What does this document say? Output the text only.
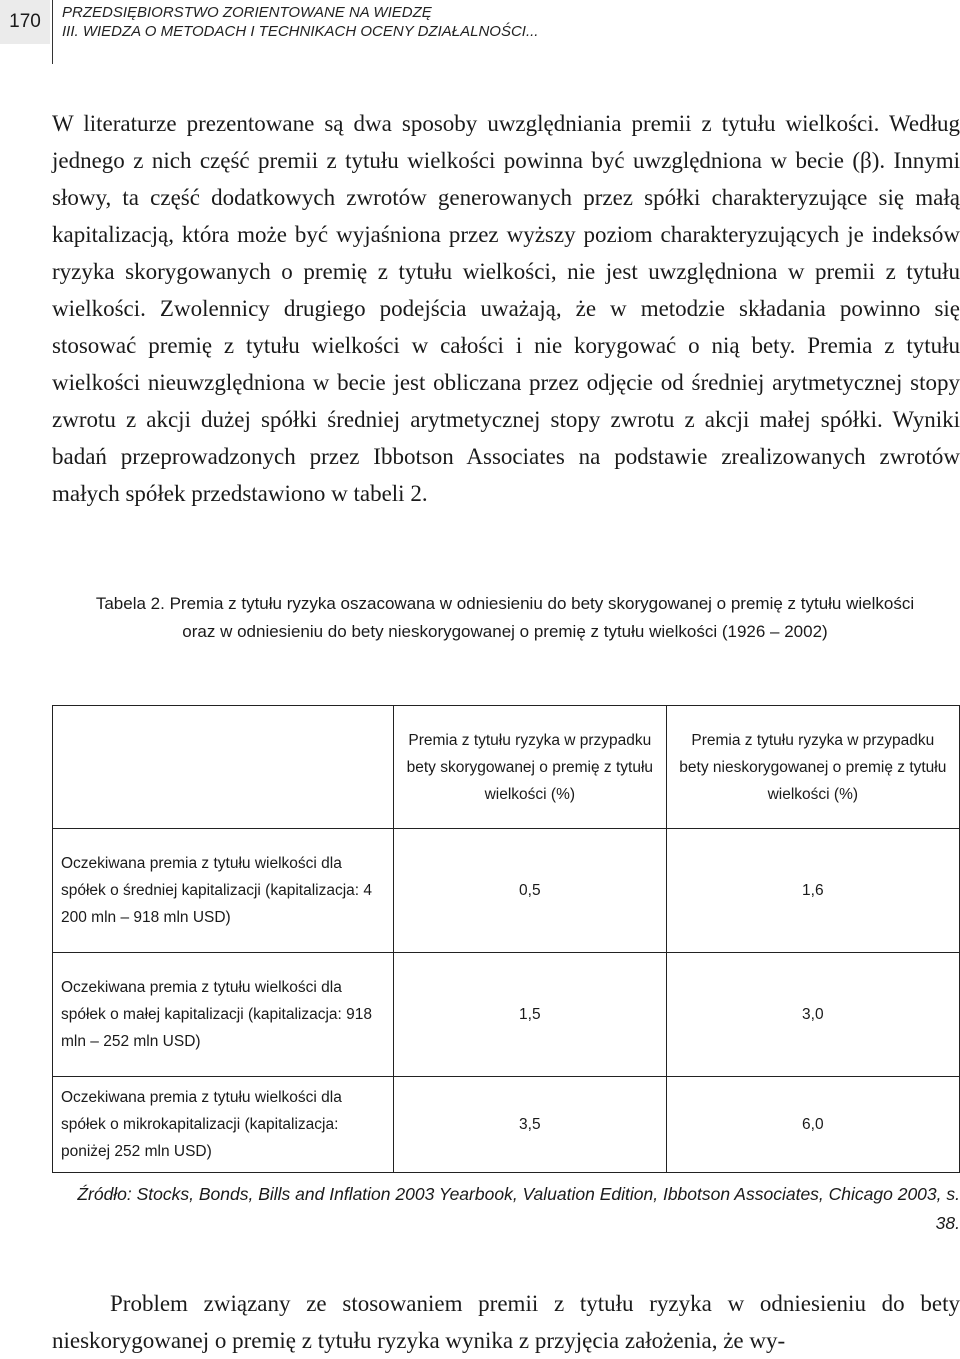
170	PRZEDSIĘBIORSTWO ZORIENTOWANE NA WIEDZĘ
III. WIEDZA O METODACH I TECHNIKACH OCENY DZIAŁALNOŚCI...

W literaturze prezentowane są dwa sposoby uwzględniania premii z tytułu wielkości. Według jednego z nich część premii z tytułu wielkości powinna być uwzględniona w becie (β). Innymi słowy, ta część dodatkowych zwrotów generowanych przez spółki charakteryzujące się małą kapitalizacją, która może być wyjaśniona przez wyższy poziom charakteryzujących je indeksów ryzyka skorygowanych o premię z tytułu wielkości, nie jest uwzględniona w premii z tytułu wielkości. Zwolennicy drugiego podejścia uważają, że w metodzie składania powinno się stosować premię z tytułu wielkości w całości i nie korygować o nią bety. Premia z tytułu wielkości nieuwzględniona w becie jest obliczana przez odjęcie od średniej arytmetycznej stopy zwrotu z akcji dużej spółki średniej arytmetycznej stopy zwrotu z akcji małej spółki. Wyniki badań przeprowadzonych przez Ibbotson Associates na podstawie zrealizowanych zwrotów małych spółek przedstawiono w tabeli 2.

Tabela 2. Premia z tytułu ryzyka oszacowana w odniesieniu do bety skorygowanej o premię z tytułu wielkości oraz w odniesieniu do bety nieskorygowanej o premię z tytułu wielkości (1926 – 2002)
	Premia z tytułu ryzyka w przypadku bety skorygowanej o premię z tytułu wielkości (%)	Premia z tytułu ryzyka w przypadku bety nieskorygowanej o premię z tytułu wielkości (%)
Oczekiwana premia z tytułu wielkości dla spółek o średniej kapitalizacji (kapitalizacja: 4 200 mln – 918 mln USD)	0,5	1,6
Oczekiwana premia z tytułu wielkości dla spółek o małej kapitalizacji (kapitalizacja: 918 mln – 252 mln USD)	1,5	3,0
Oczekiwana premia z tytułu wielkości dla spółek o mikrokapitalizacji (kapitalizacja: poniżej 252 mln USD)	3,5	6,0
Źródło: Stocks, Bonds, Bills and Inflation 2003 Yearbook, Valuation Edition, Ibbotson Associates, Chicago 2003, s. 38.

Problem związany ze stosowaniem premii z tytułu ryzyka w odniesieniu do bety nieskorygowanej o premię z tytułu ryzyka wynika z przyjęcia założenia, że wy-
